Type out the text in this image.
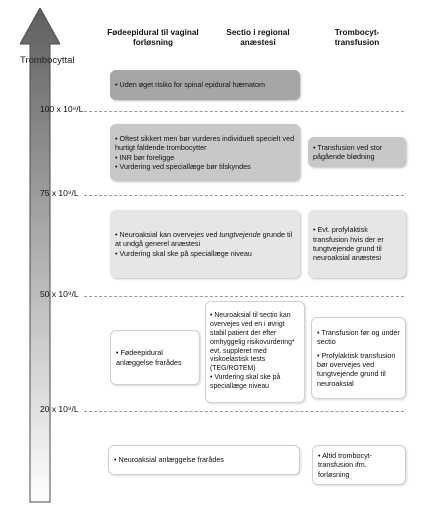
Trombocyttal
Fødeepidural til vaginal forløsning
Sectio i regional anæstesi
Trombocyt-transfusion
100 x 10⁹/L
75 x 10⁹/L
50 x 10⁹/L
20 x 10⁹/L
• Uden øget risiko for spinal epidural hæmatom
• Oftest sikkert men bør vurderes individuelt specielt ved hurtigt faldende trombocytter
• INR bør foreligge
• Vurdering ved speciallæge bør tilskyndes
• Transfusion ved stor pågående blødning
• Neuroaksial kan overvejes ved tungtvejende grunde til at undgå generel anæstesi
• Vurdering skal ske på speciallæge niveau
• Evt. profylaktisk transfusion hvis der er tungtvejende grund til neuroaksial anæstesi
• Fødeepidural anlæggelse frarådes
• Neuroaksial til sectio kan overvejes ved en i øvrigt stabil patient der efter omhyggelig risikovurdering* evt. suppleret med viskoelastisk tests (TEG/ROTEM)
• Vurdering skal ske på speciallæge niveau
• Transfusion før og under sectio
• Profylaktisk transfusion bør overvejes ved tungtvejende grund til neuroaksial
• Neuroaksial anlæggelse frarådes
•	Altid trombocyt-transfusion ifm. forløsning
